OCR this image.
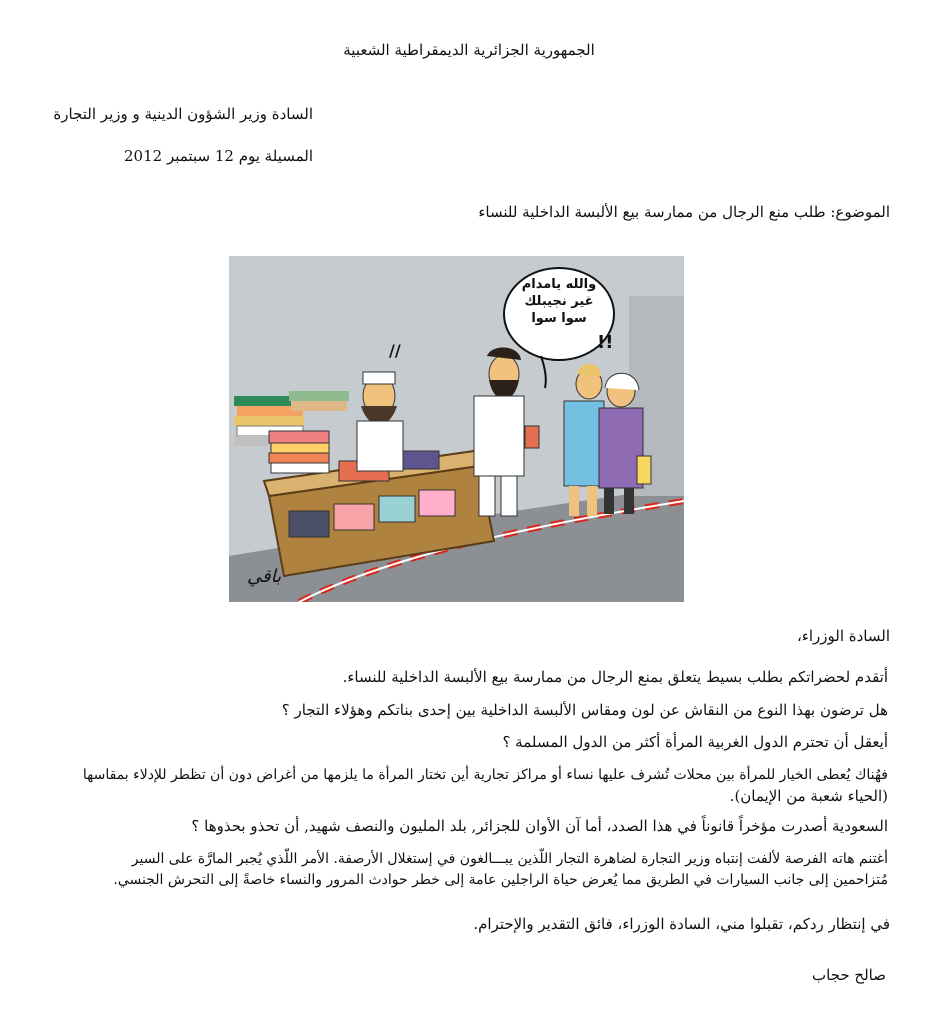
الجمهورية الجزائرية الديمقراطية الشعبية
السادة وزير الشؤون الدينية و وزير التجارة
المسيلة يوم 12 سبتمبر 2012
الموضوع: طلب منع الرجال من ممارسة بيع الألبسة الداخلية للنساء
!!
//
والله يامدام
غير نجيبلك
سوا سوا
باقي
السادة الوزراء،
أتقدم لحضراتكم بطلب بسيط يتعلق بمنع الرجال من ممارسة بيع الألبسة الداخلية للنساء.
هل ترضون بهذا النوع من النقاش عن لون ومقاس الألبسة الداخلية بين إحدى بناتكم وهؤلاء التجار ؟
أيعقل أن تحترم الدول الغربية المرأة أكثر من الدول المسلمة ؟
فهُناك يُعطى الخيار للمرأة بين محلات تُشرف عليها نساء أو مراكز تجارية أين تختار المرأة ما يلزمها من أغراض دون أن تظطر للإدلاء بمقاسها
(الحياء شعبة من الإيمان).
السعودية أصدرت مؤخراً قانوناً في هذا الصدد، أما آن الأوان للجزائر, بلد المليون والنصف شهيد, أن تحذو بحذوها ؟
أغتنم هاته الفرصة لألفت إنتباه وزير التجارة لضاهرة التجار اللّذين يبـــالغون في إستغلال الأرصفة. الأمر اللّذي يُجبر المارَّة على السير
مُتزاحمين إلى جانب السيارات في الطريق مما يُعرض حياة الراجلين عامة إلى خطر حوادث المرور والنساء خاصةً إلى التحرش الجنسي.
في إنتظار ردكم، تقبلوا مني، السادة الوزراء، فائق التقدير والإحترام.
صالح حجاب
